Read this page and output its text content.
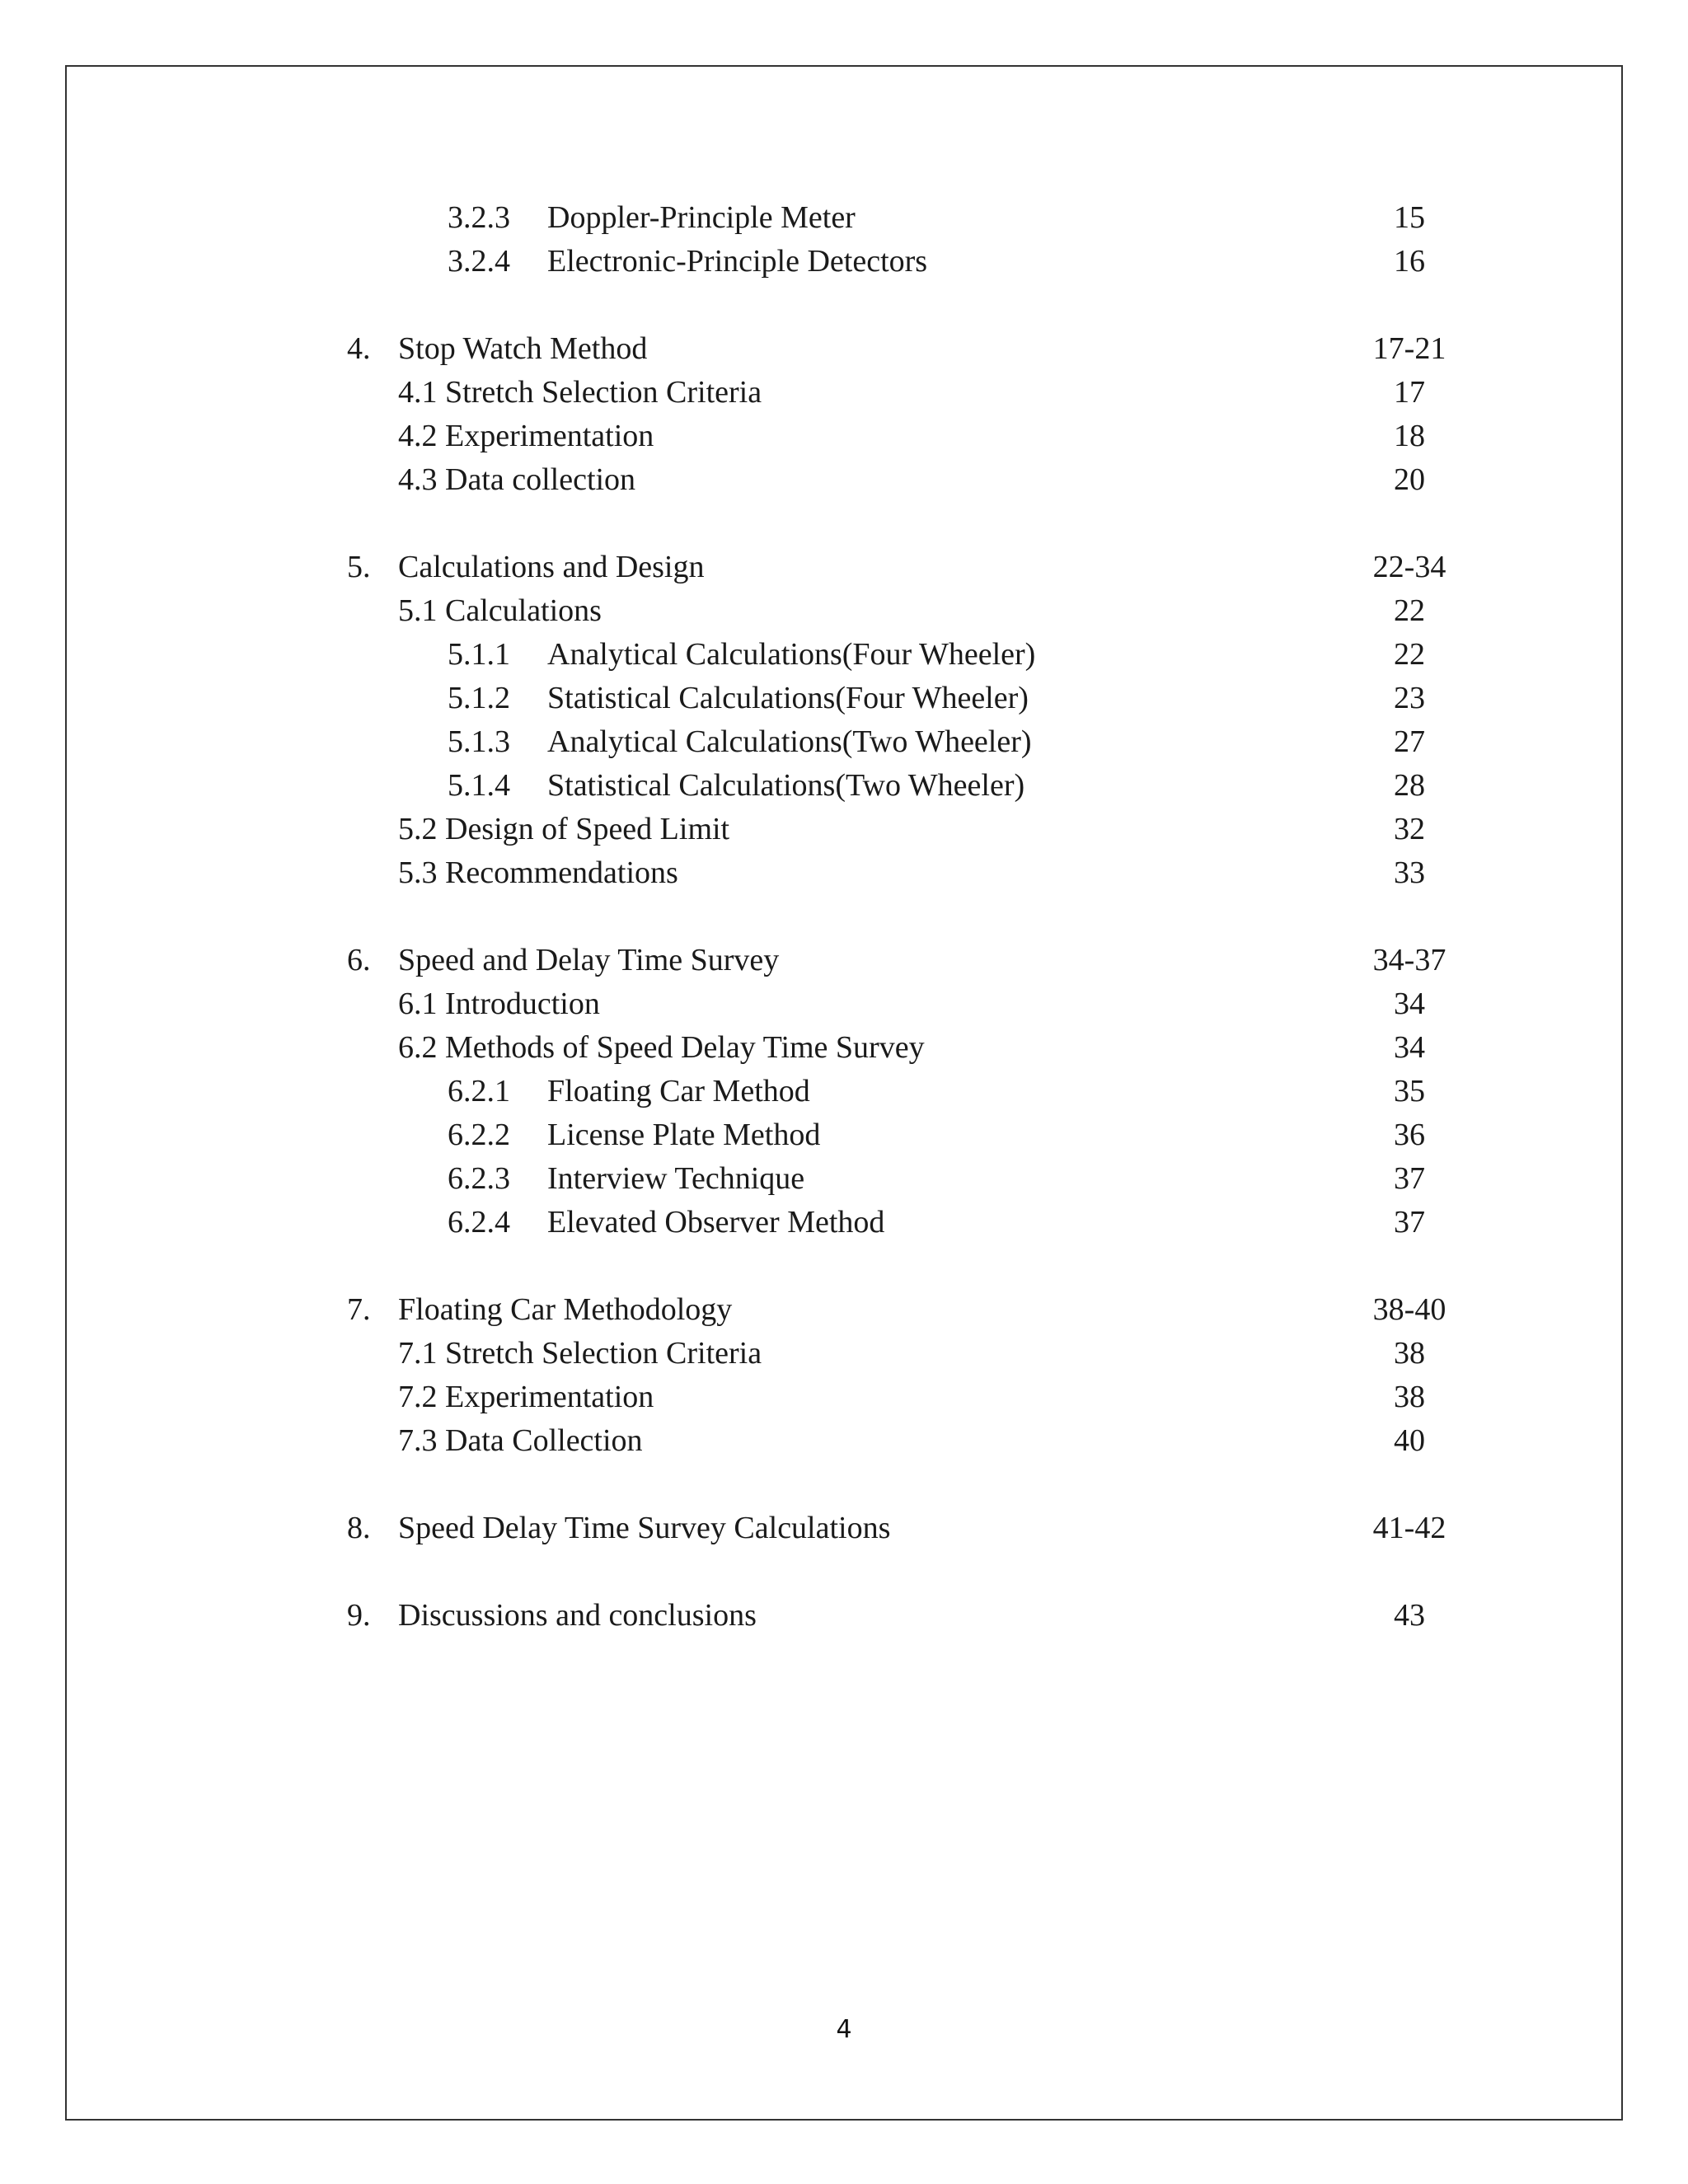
3.2.3 Doppler-Principle Meter	15
3.2.4 Electronic-Principle Detectors	16
4. Stop Watch Method	17-21
4.1 Stretch Selection Criteria	17
4.2 Experimentation	18
4.3 Data collection	20
5. Calculations and Design	22-34
5.1 Calculations	22
5.1.1 Analytical Calculations(Four Wheeler)	22
5.1.2 Statistical Calculations(Four Wheeler)	23
5.1.3 Analytical Calculations(Two Wheeler)	27
5.1.4 Statistical Calculations(Two Wheeler)	28
5.2 Design of Speed Limit	32
5.3 Recommendations	33
6. Speed and Delay Time Survey	34-37
6.1 Introduction	34
6.2 Methods of Speed Delay Time Survey	34
6.2.1 Floating Car Method	35
6.2.2 License Plate Method	36
6.2.3 Interview Technique	37
6.2.4 Elevated Observer Method	37
7. Floating Car Methodology	38-40
7.1 Stretch Selection Criteria	38
7.2 Experimentation	38
7.3 Data Collection	40
8. Speed Delay Time Survey Calculations	41-42
9. Discussions and conclusions	43
4
